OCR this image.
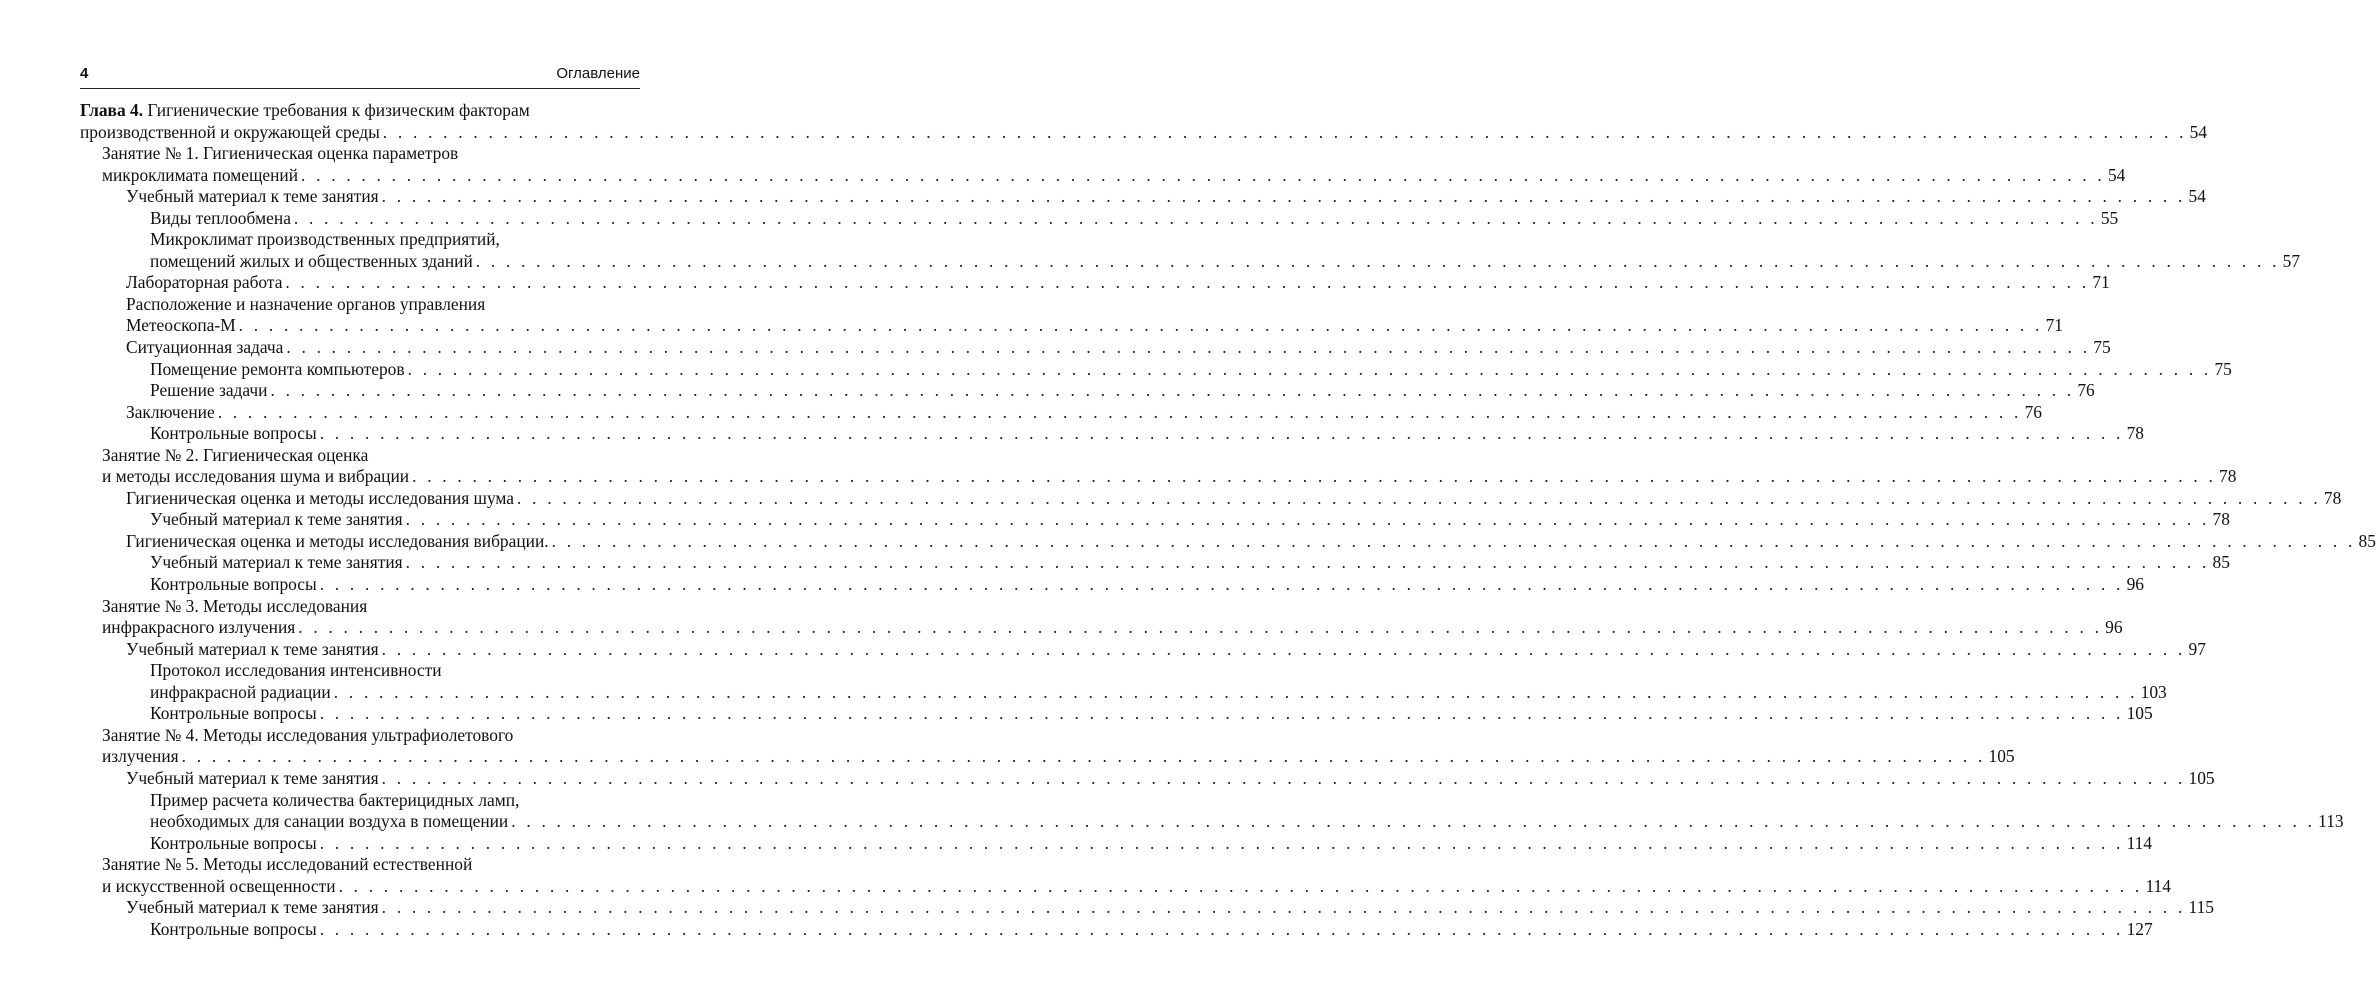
4	Оглавление
Глава 4. Гигиенические требования к физическим факторам
производственной и окружающей среды . . . . . . . . . . . . . . . . . . . . . . . . . . . . . . . . . . . . . . . . . . . . . . . . . . . . . . . . . . . . . . . . . . . . . . . . . . . . . . . . . . . . . . . . . . . . . . . . . . . . . . . . . . . . . . . . . . . . . . . . 54
Занятие № 1. Гигиеническая оценка параметров
микроклимата помещений . . . . . . . . . . . . . . . . . . . . . . . . . . . . . . . . . . . . . . . . . . . . . . . . . . . . . . . . . . . . . . . . . . . . . . . . . . . . . . . . . . . . . . . . . . . . . . . . . . . . . . . . . . . . . . . . . . . . . . . . 54
Учебный материал к теме занятия . . . . . . . . . . . . . . . . . . . . . . . . . . . . . . . . . . . . . . . . . . . . . . . . . . . . . . . . . . . . . . . . . . . . . . . . . . . . . . . . . . . . . . . . . . . . . . . . . . . . . . . . . . . . . . . . . . . . . . . . 54
Виды теплообмена . . . . . . . . . . . . . . . . . . . . . . . . . . . . . . . . . . . . . . . . . . . . . . . . . . . . . . . . . . . . . . . . . . . . . . . . . . . . . . . . . . . . . . . . . . . . . . . . . . . . . . . . . . . . . . . . . . . . . . . . 55
Микроклимат производственных предприятий,
помещений жилых и общественных зданий . . . . . . . . . . . . . . . . . . . . . . . . . . . . . . . . . . . . . . . . . . . . . . . . . . . . . . . . . . . . . . . . . . . . . . . . . . . . . . . . . . . . . . . . . . . . . . . . . . . . . . . . . . . . . . . . . . . . . . . . 57
Лабораторная работа . . . . . . . . . . . . . . . . . . . . . . . . . . . . . . . . . . . . . . . . . . . . . . . . . . . . . . . . . . . . . . . . . . . . . . . . . . . . . . . . . . . . . . . . . . . . . . . . . . . . . . . . . . . . . . . . . . . . . . . . 71
Расположение и назначение органов управления
Метеоскопа-М . . . . . . . . . . . . . . . . . . . . . . . . . . . . . . . . . . . . . . . . . . . . . . . . . . . . . . . . . . . . . . . . . . . . . . . . . . . . . . . . . . . . . . . . . . . . . . . . . . . . . . . . . . . . . . . . . . . . . . . . 71
Ситуационная задача . . . . . . . . . . . . . . . . . . . . . . . . . . . . . . . . . . . . . . . . . . . . . . . . . . . . . . . . . . . . . . . . . . . . . . . . . . . . . . . . . . . . . . . . . . . . . . . . . . . . . . . . . . . . . . . . . . . . . . . . 75
Помещение ремонта компьютеров . . . . . . . . . . . . . . . . . . . . . . . . . . . . . . . . . . . . . . . . . . . . . . . . . . . . . . . . . . . . . . . . . . . . . . . . . . . . . . . . . . . . . . . . . . . . . . . . . . . . . . . . . . . . . . . . . . . . . . . . 75
Решение задачи . . . . . . . . . . . . . . . . . . . . . . . . . . . . . . . . . . . . . . . . . . . . . . . . . . . . . . . . . . . . . . . . . . . . . . . . . . . . . . . . . . . . . . . . . . . . . . . . . . . . . . . . . . . . . . . . . . . . . . . . 76
Заключение . . . . . . . . . . . . . . . . . . . . . . . . . . . . . . . . . . . . . . . . . . . . . . . . . . . . . . . . . . . . . . . . . . . . . . . . . . . . . . . . . . . . . . . . . . . . . . . . . . . . . . . . . . . . . . . . . . . . . . . . 76
Контрольные вопросы . . . . . . . . . . . . . . . . . . . . . . . . . . . . . . . . . . . . . . . . . . . . . . . . . . . . . . . . . . . . . . . . . . . . . . . . . . . . . . . . . . . . . . . . . . . . . . . . . . . . . . . . . . . . . . . . . . . . . . . . 78
Занятие № 2. Гигиеническая оценка
и методы исследования шума и вибрации . . . . . . . . . . . . . . . . . . . . . . . . . . . . . . . . . . . . . . . . . . . . . . . . . . . . . . . . . . . . . . . . . . . . . . . . . . . . . . . . . . . . . . . . . . . . . . . . . . . . . . . . . . . . . . . . . . . . . . . . 78
Гигиеническая оценка и методы исследования шума . . . . . . . . . . . . . . . . . . . . . . . . . . . . . . . . . . . . . . . . . . . . . . . . . . . . . . . . . . . . . . . . . . . . . . . . . . . . . . . . . . . . . . . . . . . . . . . . . . . . . . . . . . . . . . . . . . . . . . . . 78
Учебный материал к теме занятия . . . . . . . . . . . . . . . . . . . . . . . . . . . . . . . . . . . . . . . . . . . . . . . . . . . . . . . . . . . . . . . . . . . . . . . . . . . . . . . . . . . . . . . . . . . . . . . . . . . . . . . . . . . . . . . . . . . . . . . . 78
Гигиеническая оценка и методы исследования вибрации. . . . . . . . . . . . . . . . . . . . . . . . . . . . . . . . . . . . . . . . . . . . . . . . . . . . . . . . . . . . . . . . . . . . . . . . . . . . . . . . . . . . . . . . . . . . . . . . . . . . . . . . . . . . . . . . . . . . . . . . . 85
Учебный материал к теме занятия . . . . . . . . . . . . . . . . . . . . . . . . . . . . . . . . . . . . . . . . . . . . . . . . . . . . . . . . . . . . . . . . . . . . . . . . . . . . . . . . . . . . . . . . . . . . . . . . . . . . . . . . . . . . . . . . . . . . . . . . 85
Контрольные вопросы . . . . . . . . . . . . . . . . . . . . . . . . . . . . . . . . . . . . . . . . . . . . . . . . . . . . . . . . . . . . . . . . . . . . . . . . . . . . . . . . . . . . . . . . . . . . . . . . . . . . . . . . . . . . . . . . . . . . . . . . 96
Занятие № 3. Методы исследования
инфракрасного излучения . . . . . . . . . . . . . . . . . . . . . . . . . . . . . . . . . . . . . . . . . . . . . . . . . . . . . . . . . . . . . . . . . . . . . . . . . . . . . . . . . . . . . . . . . . . . . . . . . . . . . . . . . . . . . . . . . . . . . . . . 96
Учебный материал к теме занятия . . . . . . . . . . . . . . . . . . . . . . . . . . . . . . . . . . . . . . . . . . . . . . . . . . . . . . . . . . . . . . . . . . . . . . . . . . . . . . . . . . . . . . . . . . . . . . . . . . . . . . . . . . . . . . . . . . . . . . . . 97
Протокол исследования интенсивности
инфракрасной радиации . . . . . . . . . . . . . . . . . . . . . . . . . . . . . . . . . . . . . . . . . . . . . . . . . . . . . . . . . . . . . . . . . . . . . . . . . . . . . . . . . . . . . . . . . . . . . . . . . . . . . . . . . . . . . . . . . . . . . . . . 103
Контрольные вопросы . . . . . . . . . . . . . . . . . . . . . . . . . . . . . . . . . . . . . . . . . . . . . . . . . . . . . . . . . . . . . . . . . . . . . . . . . . . . . . . . . . . . . . . . . . . . . . . . . . . . . . . . . . . . . . . . . . . . . . . . 105
Занятие № 4. Методы исследования ультрафиолетового
излучения . . . . . . . . . . . . . . . . . . . . . . . . . . . . . . . . . . . . . . . . . . . . . . . . . . . . . . . . . . . . . . . . . . . . . . . . . . . . . . . . . . . . . . . . . . . . . . . . . . . . . . . . . . . . . . . . . . . . . . . . 105
Учебный материал к теме занятия . . . . . . . . . . . . . . . . . . . . . . . . . . . . . . . . . . . . . . . . . . . . . . . . . . . . . . . . . . . . . . . . . . . . . . . . . . . . . . . . . . . . . . . . . . . . . . . . . . . . . . . . . . . . . . . . . . . . . . . . 105
Пример расчета количества бактерицидных ламп,
необходимых для санации воздуха в помещении . . . . . . . . . . . . . . . . . . . . . . . . . . . . . . . . . . . . . . . . . . . . . . . . . . . . . . . . . . . . . . . . . . . . . . . . . . . . . . . . . . . . . . . . . . . . . . . . . . . . . . . . . . . . . . . . . . . . . . . . 113
Контрольные вопросы . . . . . . . . . . . . . . . . . . . . . . . . . . . . . . . . . . . . . . . . . . . . . . . . . . . . . . . . . . . . . . . . . . . . . . . . . . . . . . . . . . . . . . . . . . . . . . . . . . . . . . . . . . . . . . . . . . . . . . . . 114
Занятие № 5. Методы исследований естественной
и искусственной освещенности . . . . . . . . . . . . . . . . . . . . . . . . . . . . . . . . . . . . . . . . . . . . . . . . . . . . . . . . . . . . . . . . . . . . . . . . . . . . . . . . . . . . . . . . . . . . . . . . . . . . . . . . . . . . . . . . . . . . . . . . 114
Учебный материал к теме занятия . . . . . . . . . . . . . . . . . . . . . . . . . . . . . . . . . . . . . . . . . . . . . . . . . . . . . . . . . . . . . . . . . . . . . . . . . . . . . . . . . . . . . . . . . . . . . . . . . . . . . . . . . . . . . . . . . . . . . . . . 115
Контрольные вопросы . . . . . . . . . . . . . . . . . . . . . . . . . . . . . . . . . . . . . . . . . . . . . . . . . . . . . . . . . . . . . . . . . . . . . . . . . . . . . . . . . . . . . . . . . . . . . . . . . . . . . . . . . . . . . . . . . . . . . . . . 127
